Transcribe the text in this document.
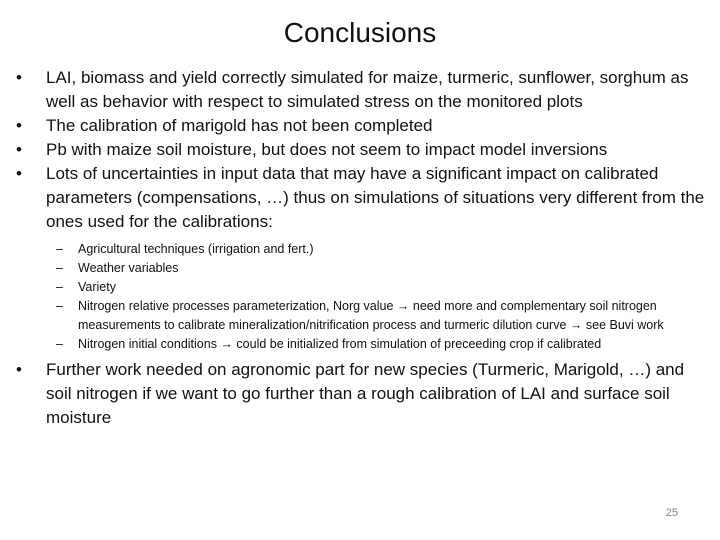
Conclusions
•	LAI, biomass and yield correctly simulated for maize, turmeric, sunflower, sorghum as well as behavior with respect to simulated stress on the monitored plots
•	The calibration of marigold has not been completed
•	Pb with maize soil moisture, but does not seem to impact model inversions
•	Lots of uncertainties in input data that may have a significant impact on calibrated parameters (compensations, …) thus on simulations of situations very different from the ones used for the calibrations:
–	Agricultural techniques (irrigation and fert.)
–	Weather variables
–	Variety
–	Nitrogen relative processes parameterization, Norg value → need more and complementary soil nitrogen measurements to calibrate mineralization/nitrification process and turmeric dilution curve → see Buvi work
–	Nitrogen initial conditions → could be initialized from simulation of preceeding crop if calibrated
•	Further work needed on agronomic part for new species (Turmeric, Marigold, …) and soil nitrogen if we want to go further than a rough calibration of LAI and surface soil moisture
25
